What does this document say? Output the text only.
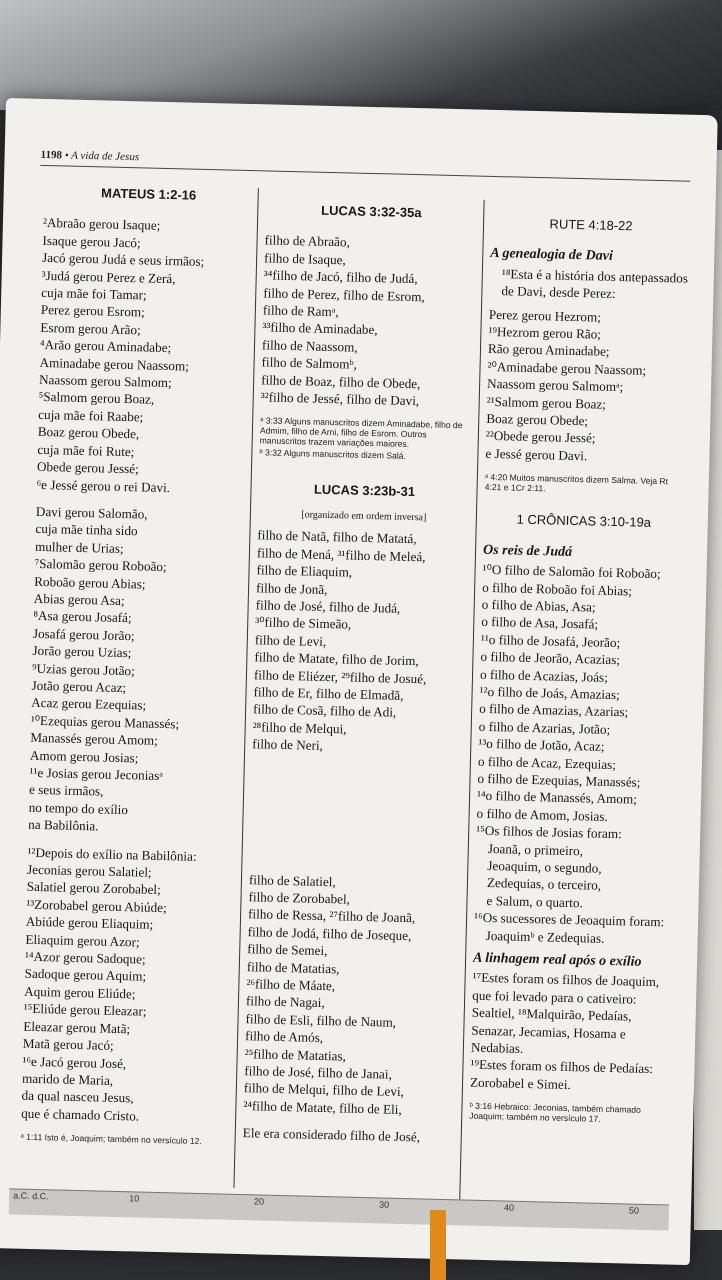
1198 • A vida de Jesus
MATEUS 1:2-16
²Abraão gerou Isaque;
Isaque gerou Jacó;
Jacó gerou Judá e seus irmãos;
³Judá gerou Perez e Zerá,
cuja mãe foi Tamar;
Perez gerou Esrom;
Esrom gerou Arão;
⁴Arão gerou Aminadabe;
Aminadabe gerou Naassom;
Naassom gerou Salmom;
⁵Salmom gerou Boaz,
cuja mãe foi Raabe;
Boaz gerou Obede,
cuja mãe foi Rute;
Obede gerou Jessé;
⁶e Jessé gerou o rei Davi.
Davi gerou Salomão,
cuja mãe tinha sido
mulher de Urias;
⁷Salomão gerou Roboão;
Roboão gerou Abias;
Abias gerou Asa;
⁸Asa gerou Josafá;
Josafá gerou Jorão;
Jorão gerou Uzias;
⁹Uzias gerou Jotão;
Jotão gerou Acaz;
Acaz gerou Ezequias;
¹⁰Ezequias gerou Manassés;
Manassés gerou Amom;
Amom gerou Josias;
¹¹e Josias gerou Jeconiasᵃ
e seus irmãos,
no tempo do exílio
na Babilônia.
¹²Depois do exílio na Babilônia:
Jeconias gerou Salatiel;
Salatiel gerou Zorobabel;
¹³Zorobabel gerou Abiúde;
Abiúde gerou Eliaquim;
Eliaquim gerou Azor;
¹⁴Azor gerou Sadoque;
Sadoque gerou Aquim;
Aquim gerou Eliúde;
¹⁵Eliúde gerou Eleazar;
Eleazar gerou Matã;
Matã gerou Jacó;
¹⁶e Jacó gerou José,
marido de Maria,
da qual nasceu Jesus,
que é chamado Cristo.
ᵃ 1:11 Isto é, Joaquim; também no versículo 12.
LUCAS 3:32-35a
filho de Abraão,
filho de Isaque,
³⁴filho de Jacó, filho de Judá,
filho de Perez, filho de Esrom,
filho de Ramᵃ,
³³filho de Aminadabe,
filho de Naassom,
filho de Salmomᵇ,
filho de Boaz, filho de Obede,
³²filho de Jessé, filho de Davi,
ᵃ 3:33 Alguns manuscritos dizem Aminadabe, filho de Admim, filho de Arni, filho de Esrom. Outros manuscritos trazem variações maiores.
ᵇ 3:32 Alguns manuscritos dizem Salá.
LUCAS 3:23b-31
[organizado em ordem inversa]
filho de Natã, filho de Matatá,
filho de Mená, ³¹filho de Meleá,
filho de Eliaquim,
filho de Jonã,
filho de José, filho de Judá,
³⁰filho de Simeão,
filho de Levi,
filho de Matate, filho de Jorim,
filho de Eliézer, ²⁹filho de Josué,
filho de Er, filho de Elmadã,
filho de Cosã, filho de Adi,
²⁸filho de Melqui,
filho de Neri,
filho de Salatiel,
filho de Zorobabel,
filho de Ressa, ²⁷filho de Joanã,
filho de Jodá, filho de Joseque,
filho de Semei,
filho de Matatias,
²⁶filho de Máate,
filho de Nagai,
filho de Esli, filho de Naum,
filho de Amós,
²⁵filho de Matatias,
filho de José, filho de Janai,
filho de Melqui, filho de Levi,
²⁴filho de Matate, filho de Eli,
Ele era considerado filho de José,
RUTE 4:18-22
A genealogia de Davi
¹⁸Esta é a história dos antepassados de Davi, desde Perez:
Perez gerou Hezrom;
¹⁹Hezrom gerou Rão;
Rão gerou Aminadabe;
²⁰Aminadabe gerou Naassom;
Naassom gerou Salmomᵃ;
²¹Salmom gerou Boaz;
Boaz gerou Obede;
²²Obede gerou Jessé;
e Jessé gerou Davi.
ᵃ 4:20 Muitos manuscritos dizem Salma. Veja Rt 4:21 e 1Cr 2:11.
1 CRÔNICAS 3:10-19a
Os reis de Judá
¹⁰O filho de Salomão foi Roboão;
o filho de Roboão foi Abias;
o filho de Abias, Asa;
o filho de Asa, Josafá;
¹¹o filho de Josafá, Jeorão;
o filho de Jeorão, Acazias;
o filho de Acazias, Joás;
¹²o filho de Joás, Amazias;
o filho de Amazias, Azarias;
o filho de Azarias, Jotão;
¹³o filho de Jotão, Acaz;
o filho de Acaz, Ezequias;
o filho de Ezequias, Manassés;
¹⁴o filho de Manassés, Amom;
o filho de Amom, Josias.
¹⁵Os filhos de Josias foram:
Joanã, o primeiro,
Jeoaquim, o segundo,
Zedequias, o terceiro,
e Salum, o quarto.
¹⁶Os sucessores de Jeoaquim foram:
Joaquimᵇ e Zedequias.
A linhagem real após o exílio
¹⁷Estes foram os filhos de Joaquim, que foi levado para o cativeiro:
Sealtiel, ¹⁸Malquirão, Pedaías, Senazar, Jecamias, Hosama e Nedabias.
¹⁹Estes foram os filhos de Pedaías: Zorobabel e Simei.
ᵇ 3:16 Hebraico: Jeconias, também chamado Joaquim; também no versículo 17.
a.C. d.C.	10	20	30	40	50
